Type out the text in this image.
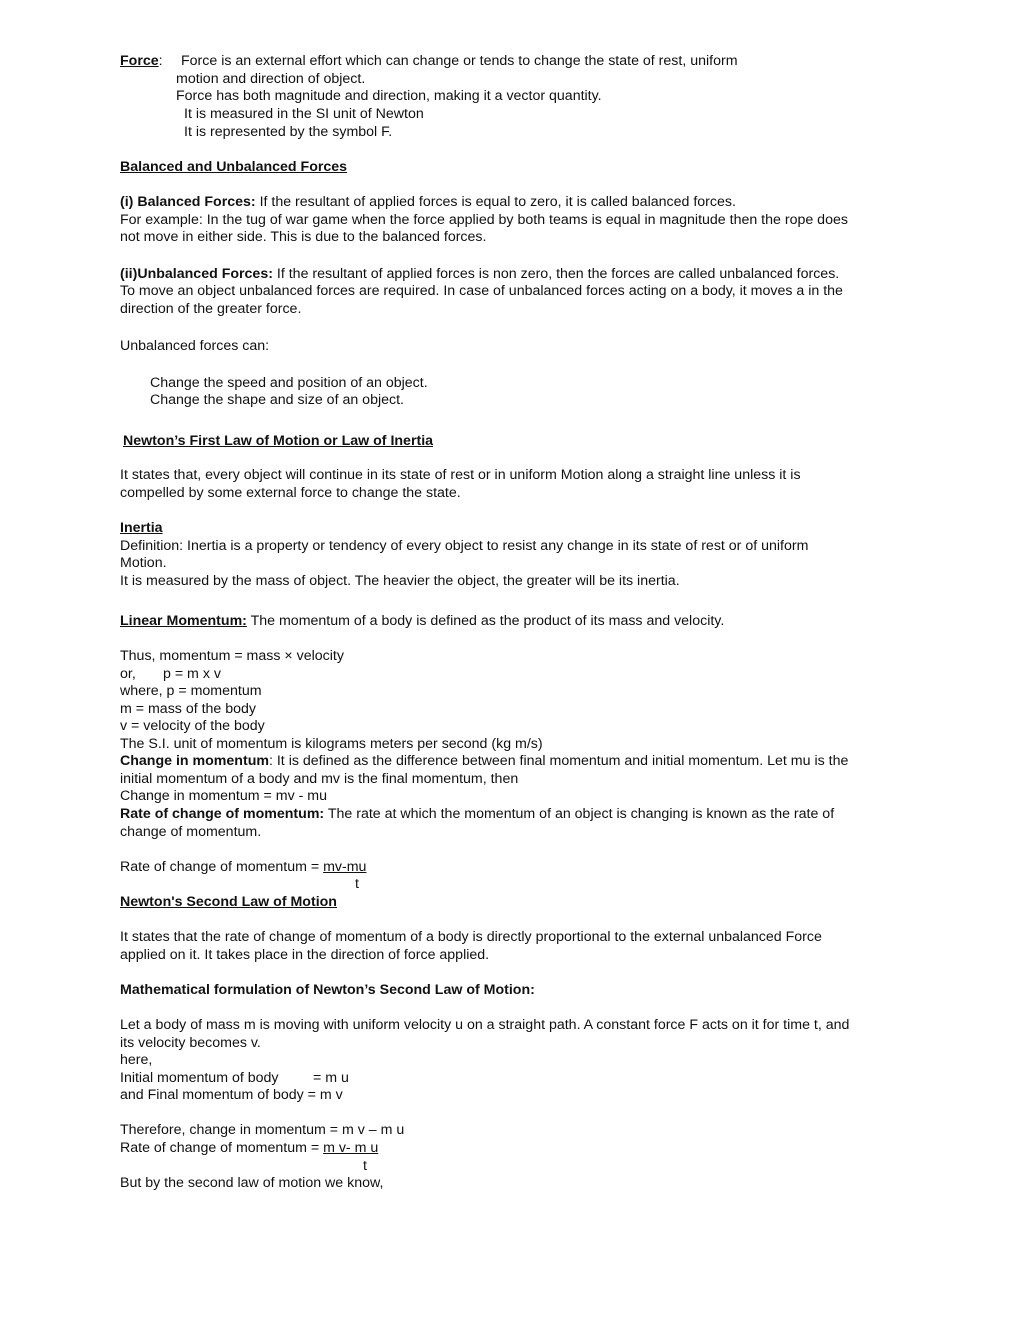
Force: Force is an external effort which can change or tends to change the state of rest, uniform
motion and direction of object.
Force has both magnitude and direction, making it a vector quantity.
It is measured in the SI unit of Newton
It is represented by the symbol F.
Balanced and Unbalanced Forces
(i) Balanced Forces: If the resultant of applied forces is equal to zero, it is called balanced forces.
For example: In the tug of war game when the force applied by both teams is equal in magnitude then the rope does
not move in either side. This is due to the balanced forces.
(ii)Unbalanced Forces: If the resultant of applied forces is non zero, then the forces are called unbalanced forces.
To move an object unbalanced forces are required. In case of unbalanced forces acting on a body, it moves a in the
direction of the greater force.
Unbalanced forces can:
Change the speed and position of an object.
Change the shape and size of an object.
Newton’s First Law of Motion or Law of Inertia
It states that, every object will continue in its state of rest or in uniform Motion along a straight line unless it is
compelled by some external force to change the state.
Inertia
Definition: Inertia is a property or tendency of every object to resist any change in its state of rest or of uniform
Motion.
It is measured by the mass of object. The heavier the object, the greater will be its inertia.
Linear Momentum: The momentum of a body is defined as the product of its mass and velocity.
Thus, momentum = mass × velocity
or, p = m x v
where, p = momentum
m = mass of the body
v = velocity of the body
The S.I. unit of momentum is kilograms meters per second (kg m/s)
Change in momentum: It is defined as the difference between final momentum and initial momentum. Let mu is the
initial momentum of a body and mv is the final momentum, then
Change in momentum = mv - mu
Rate of change of momentum: The rate at which the momentum of an object is changing is known as the rate of
change of momentum.
Rate of change of momentum = mv-mu
t
Newton's Second Law of Motion
It states that the rate of change of momentum of a body is directly proportional to the external unbalanced Force
applied on it. It takes place in the direction of force applied.
Mathematical formulation of Newton’s Second Law of Motion:
Let a body of mass m is moving with uniform velocity u on a straight path. A constant force F acts on it for time t, and
its velocity becomes v.
here,
Initial momentum of body = m u
and Final momentum of body = m v
Therefore, change in momentum = m v – m u
Rate of change of momentum = m v- m u
t
But by the second law of motion we know,
